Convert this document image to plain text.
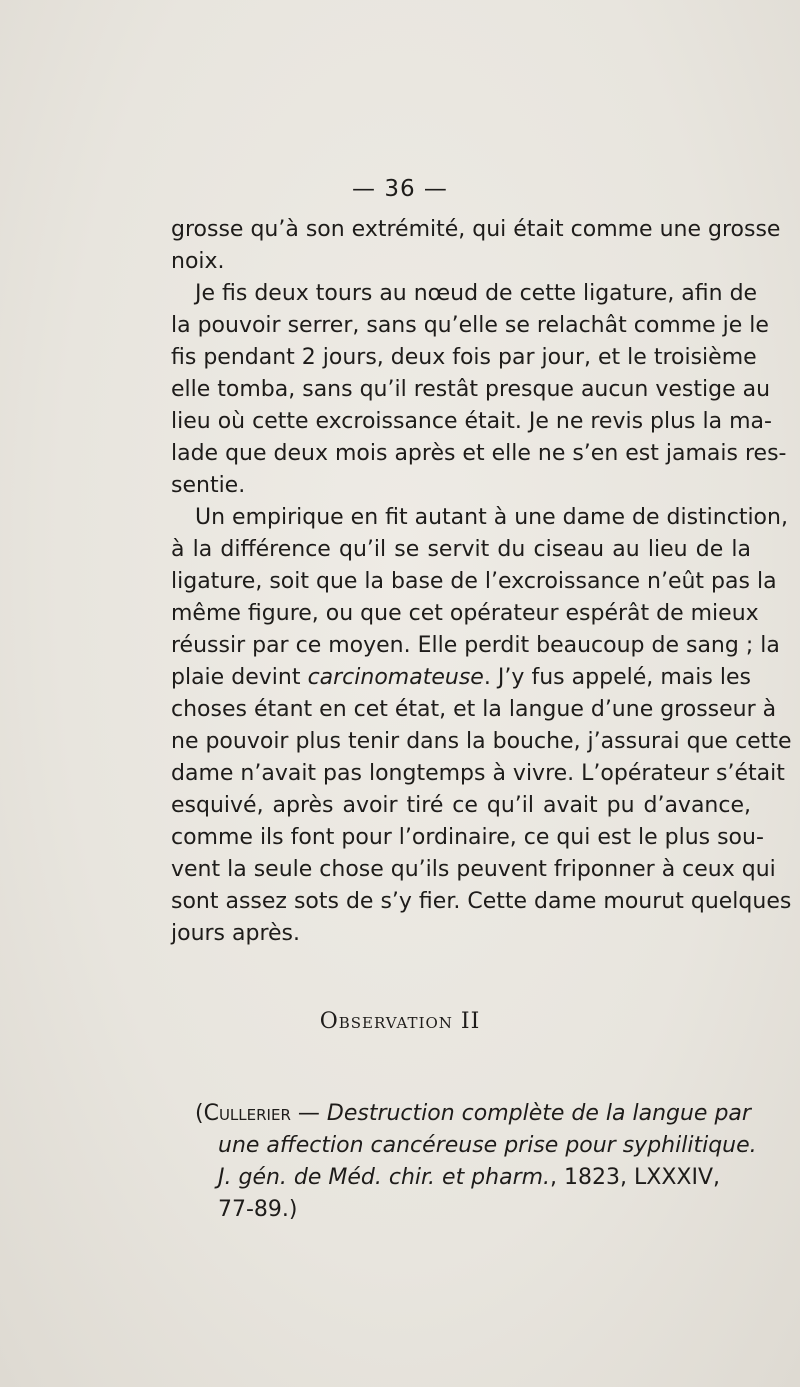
— 36 —
grosse qu’à son extrémité, qui était comme une grosse
noix.
Je fis deux tours au nœud de cette ligature, afin de
la pouvoir serrer, sans qu’elle se relachât comme je le
fis pendant 2 jours, deux fois par jour, et le troisième
elle tomba, sans qu’il restât presque aucun vestige au
lieu où cette excroissance était. Je ne revis plus la ma-
lade que deux mois après et elle ne s’en est jamais res-
sentie.
Un empirique en fit autant à une dame de distinction,
à la différence qu’il se servit du ciseau au lieu de la
ligature, soit que la base de l’excroissance n’eût pas la
même figure, ou que cet opérateur espérât de mieux
réussir par ce moyen. Elle perdit beaucoup de sang ; la
plaie devint carcinomateuse. J’y fus appelé, mais les
choses étant en cet état, et la langue d’une grosseur à
ne pouvoir plus tenir dans la bouche, j’assurai que cette
dame n’avait pas longtemps à vivre. L’opérateur s’était
esquivé, après avoir tiré ce qu’il avait pu d’avance,
comme ils font pour l’ordinaire, ce qui est le plus sou-
vent la seule chose qu’ils peuvent friponner à ceux qui
sont assez sots de s’y fier. Cette dame mourut quelques
jours après.
Observation II
(Cullerier — Destruction complète de la langue par
une affection cancéreuse prise pour syphilitique.
J. gén. de Méd. chir. et pharm., 1823, LXXXIV,
77-89.)
